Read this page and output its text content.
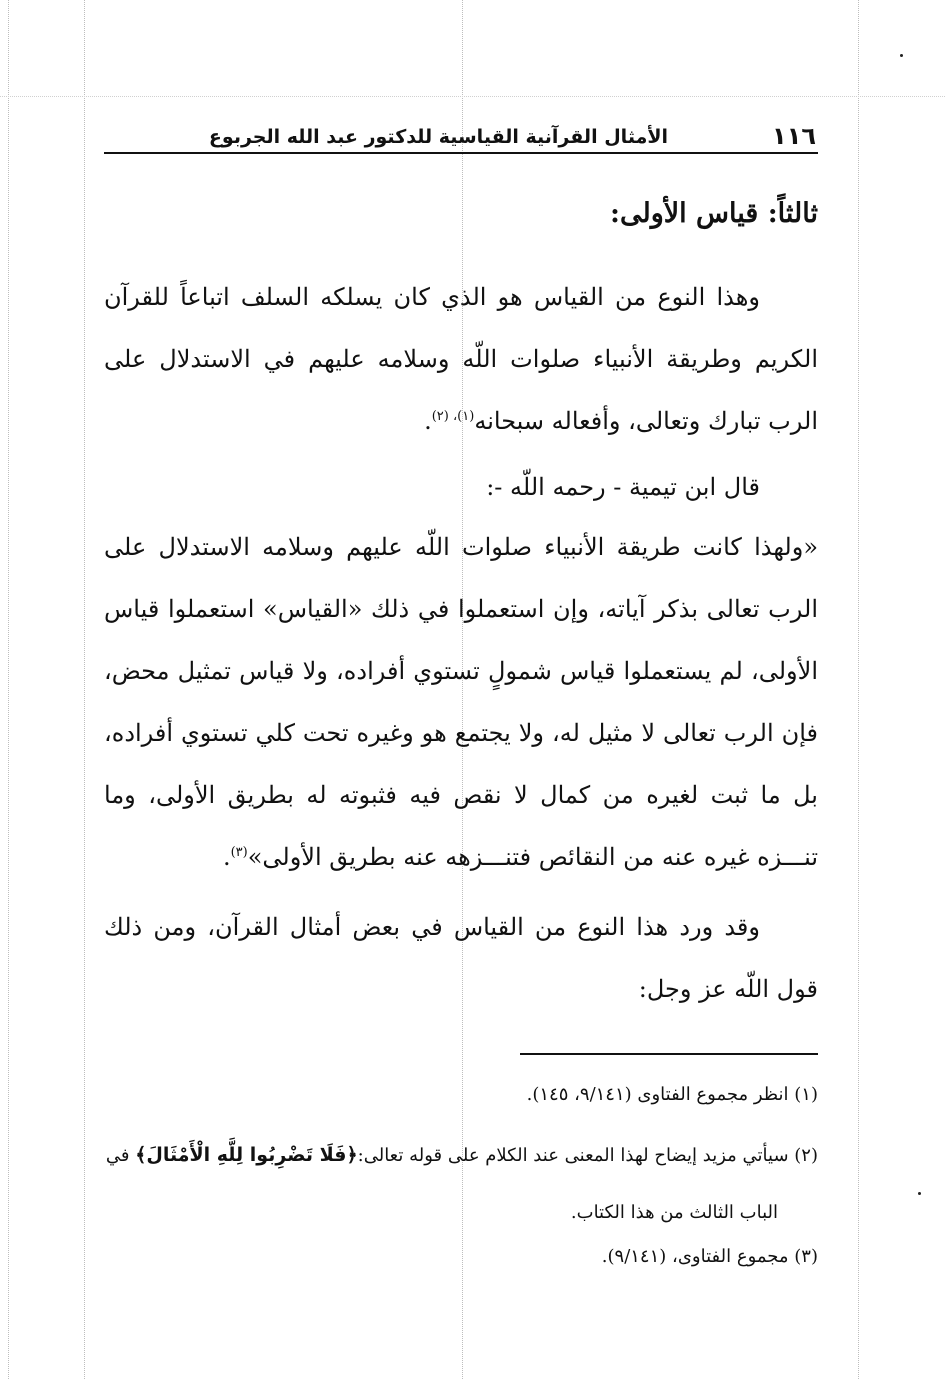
١١٦
الأمثال القرآنية القياسية للدكتور عبد الله الجربوع
ثالثاً: قياس الأولى:

وهذا النوع من القياس هو الذي كان يسلكه السلف اتباعاً للقرآن الكريم وطريقة الأنبياء صلوات اللّه وسلامه عليهم في الاستدلال على الرب تبارك وتعالى، وأفعاله سبحانه$^{(١)، (٢)}$.

قال ابن تيمية - رحمه اللّه -:

«ولهذا كانت طريقة الأنبياء صلوات اللّه عليهم وسلامه الاستدلال على الرب تعالى بذكر آياته، وإن استعملوا في ذلك «القياس» استعملوا قياس الأولى، لم يستعملوا قياس شمولٍ تستوي أفراده، ولا قياس تمثيل محض، فإن الرب تعالى لا مثيل له، ولا يجتمع هو وغيره تحت كلي تستوي أفراده، بل ما ثبت لغيره من كمال لا نقص فيه فثبوته له بطريق الأولى، وما تنـــزه غيره عنه من النقائص فتنـــزهه عنه بطريق الأولى»$^{(٣)}$.

وقد ورد هذا النوع من القياس في بعض أمثال القرآن، ومن ذلك قول اللّه عز وجل:

(١) انظر مجموع الفتاوى (٩/١٤١، ١٤٥).

(٢) سيأتي مزيد إيضاح لهذا المعنى عند الكلام على قوله تعالى:﴿فَلَا تَضْرِبُوا لِلَّهِ الْأَمْثَالَ﴾ في

الباب الثالث من هذا الكتاب.

(٣) مجموع الفتاوى، (٩/١٤١).
